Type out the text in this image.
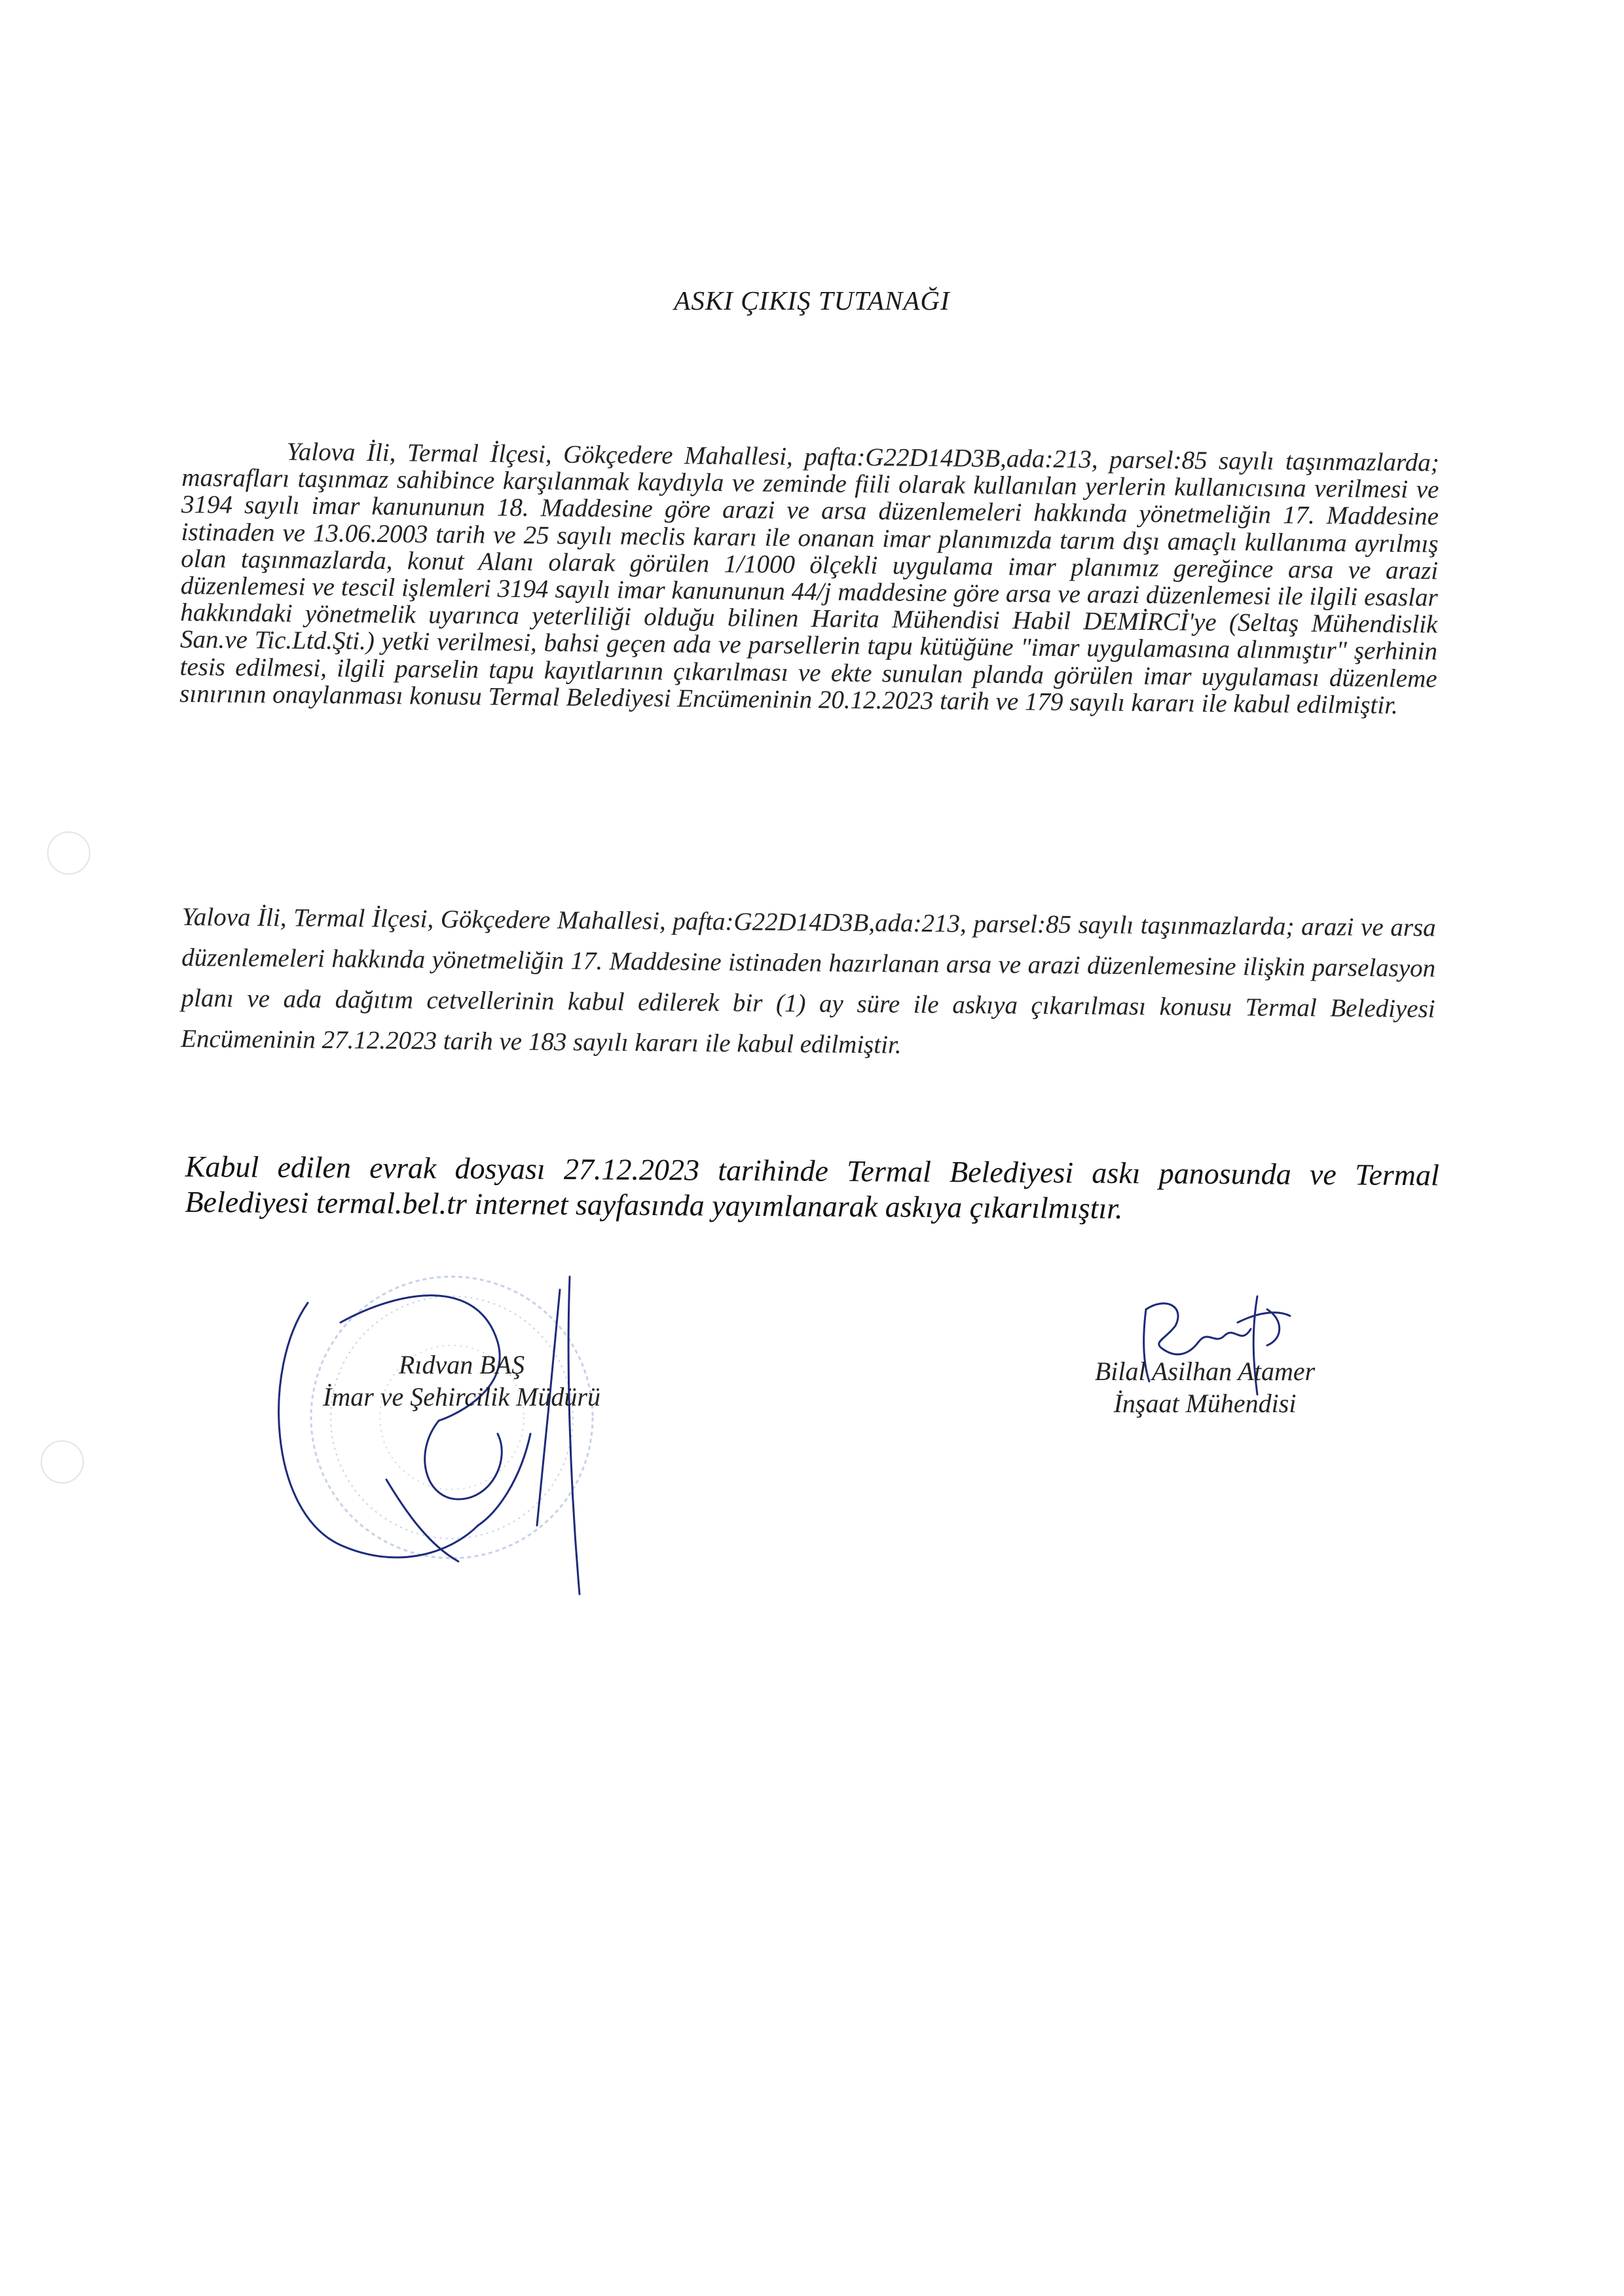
ASKI ÇIKIŞ TUTANAĞI

Yalova İli, Termal İlçesi, Gökçedere Mahallesi, pafta:G22D14D3B,ada:213, parsel:85 sayılı taşınmazlarda; masrafları taşınmaz sahibince karşılanmak kaydıyla ve zeminde fiili olarak kullanılan yerlerin kullanıcısına verilmesi ve 3194 sayılı imar kanununun 18. Maddesine göre arazi ve arsa düzenlemeleri hakkında yönetmeliğin 17. Maddesine istinaden ve 13.06.2003 tarih ve 25 sayılı meclis kararı ile onanan imar planımızda tarım dışı amaçlı kullanıma ayrılmış olan taşınmazlarda, konut Alanı olarak görülen 1/1000 ölçekli uygulama imar planımız gereğince arsa ve arazi düzenlemesi ve tescil işlemleri 3194 sayılı imar kanununun 44/j maddesine göre arsa ve arazi düzenlemesi ile ilgili esaslar hakkındaki yönetmelik uyarınca yeterliliği olduğu bilinen Harita Mühendisi Habil DEMİRCİ'ye (Seltaş Mühendislik San.ve Tic.Ltd.Şti.) yetki verilmesi, bahsi geçen ada ve parsellerin tapu kütüğüne "imar uygulamasına alınmıştır" şerhinin tesis edilmesi, ilgili parselin tapu kayıtlarının çıkarılması ve ekte sunulan planda görülen imar uygulaması düzenleme sınırının onaylanması konusu Termal Belediyesi Encümeninin 20.12.2023 tarih ve 179 sayılı kararı ile kabul edilmiştir.

Yalova İli, Termal İlçesi, Gökçedere Mahallesi, pafta:G22D14D3B,ada:213, parsel:85 sayılı taşınmazlarda; arazi ve arsa düzenlemeleri hakkında yönetmeliğin 17. Maddesine istinaden hazırlanan arsa ve arazi düzenlemesine ilişkin parselasyon planı ve ada dağıtım cetvellerinin kabul edilerek bir (1) ay süre ile askıya çıkarılması konusu Termal Belediyesi Encümeninin 27.12.2023 tarih ve 183 sayılı kararı ile kabul edilmiştir.

Kabul edilen evrak dosyası 27.12.2023 tarihinde Termal Belediyesi askı panosunda ve Termal Belediyesi termal.bel.tr internet sayfasında yayımlanarak askıya çıkarılmıştır.

Rıdvan BAŞ
İmar ve Şehircilik Müdürü
Bilal Asilhan Atamer
İnşaat Mühendisi
